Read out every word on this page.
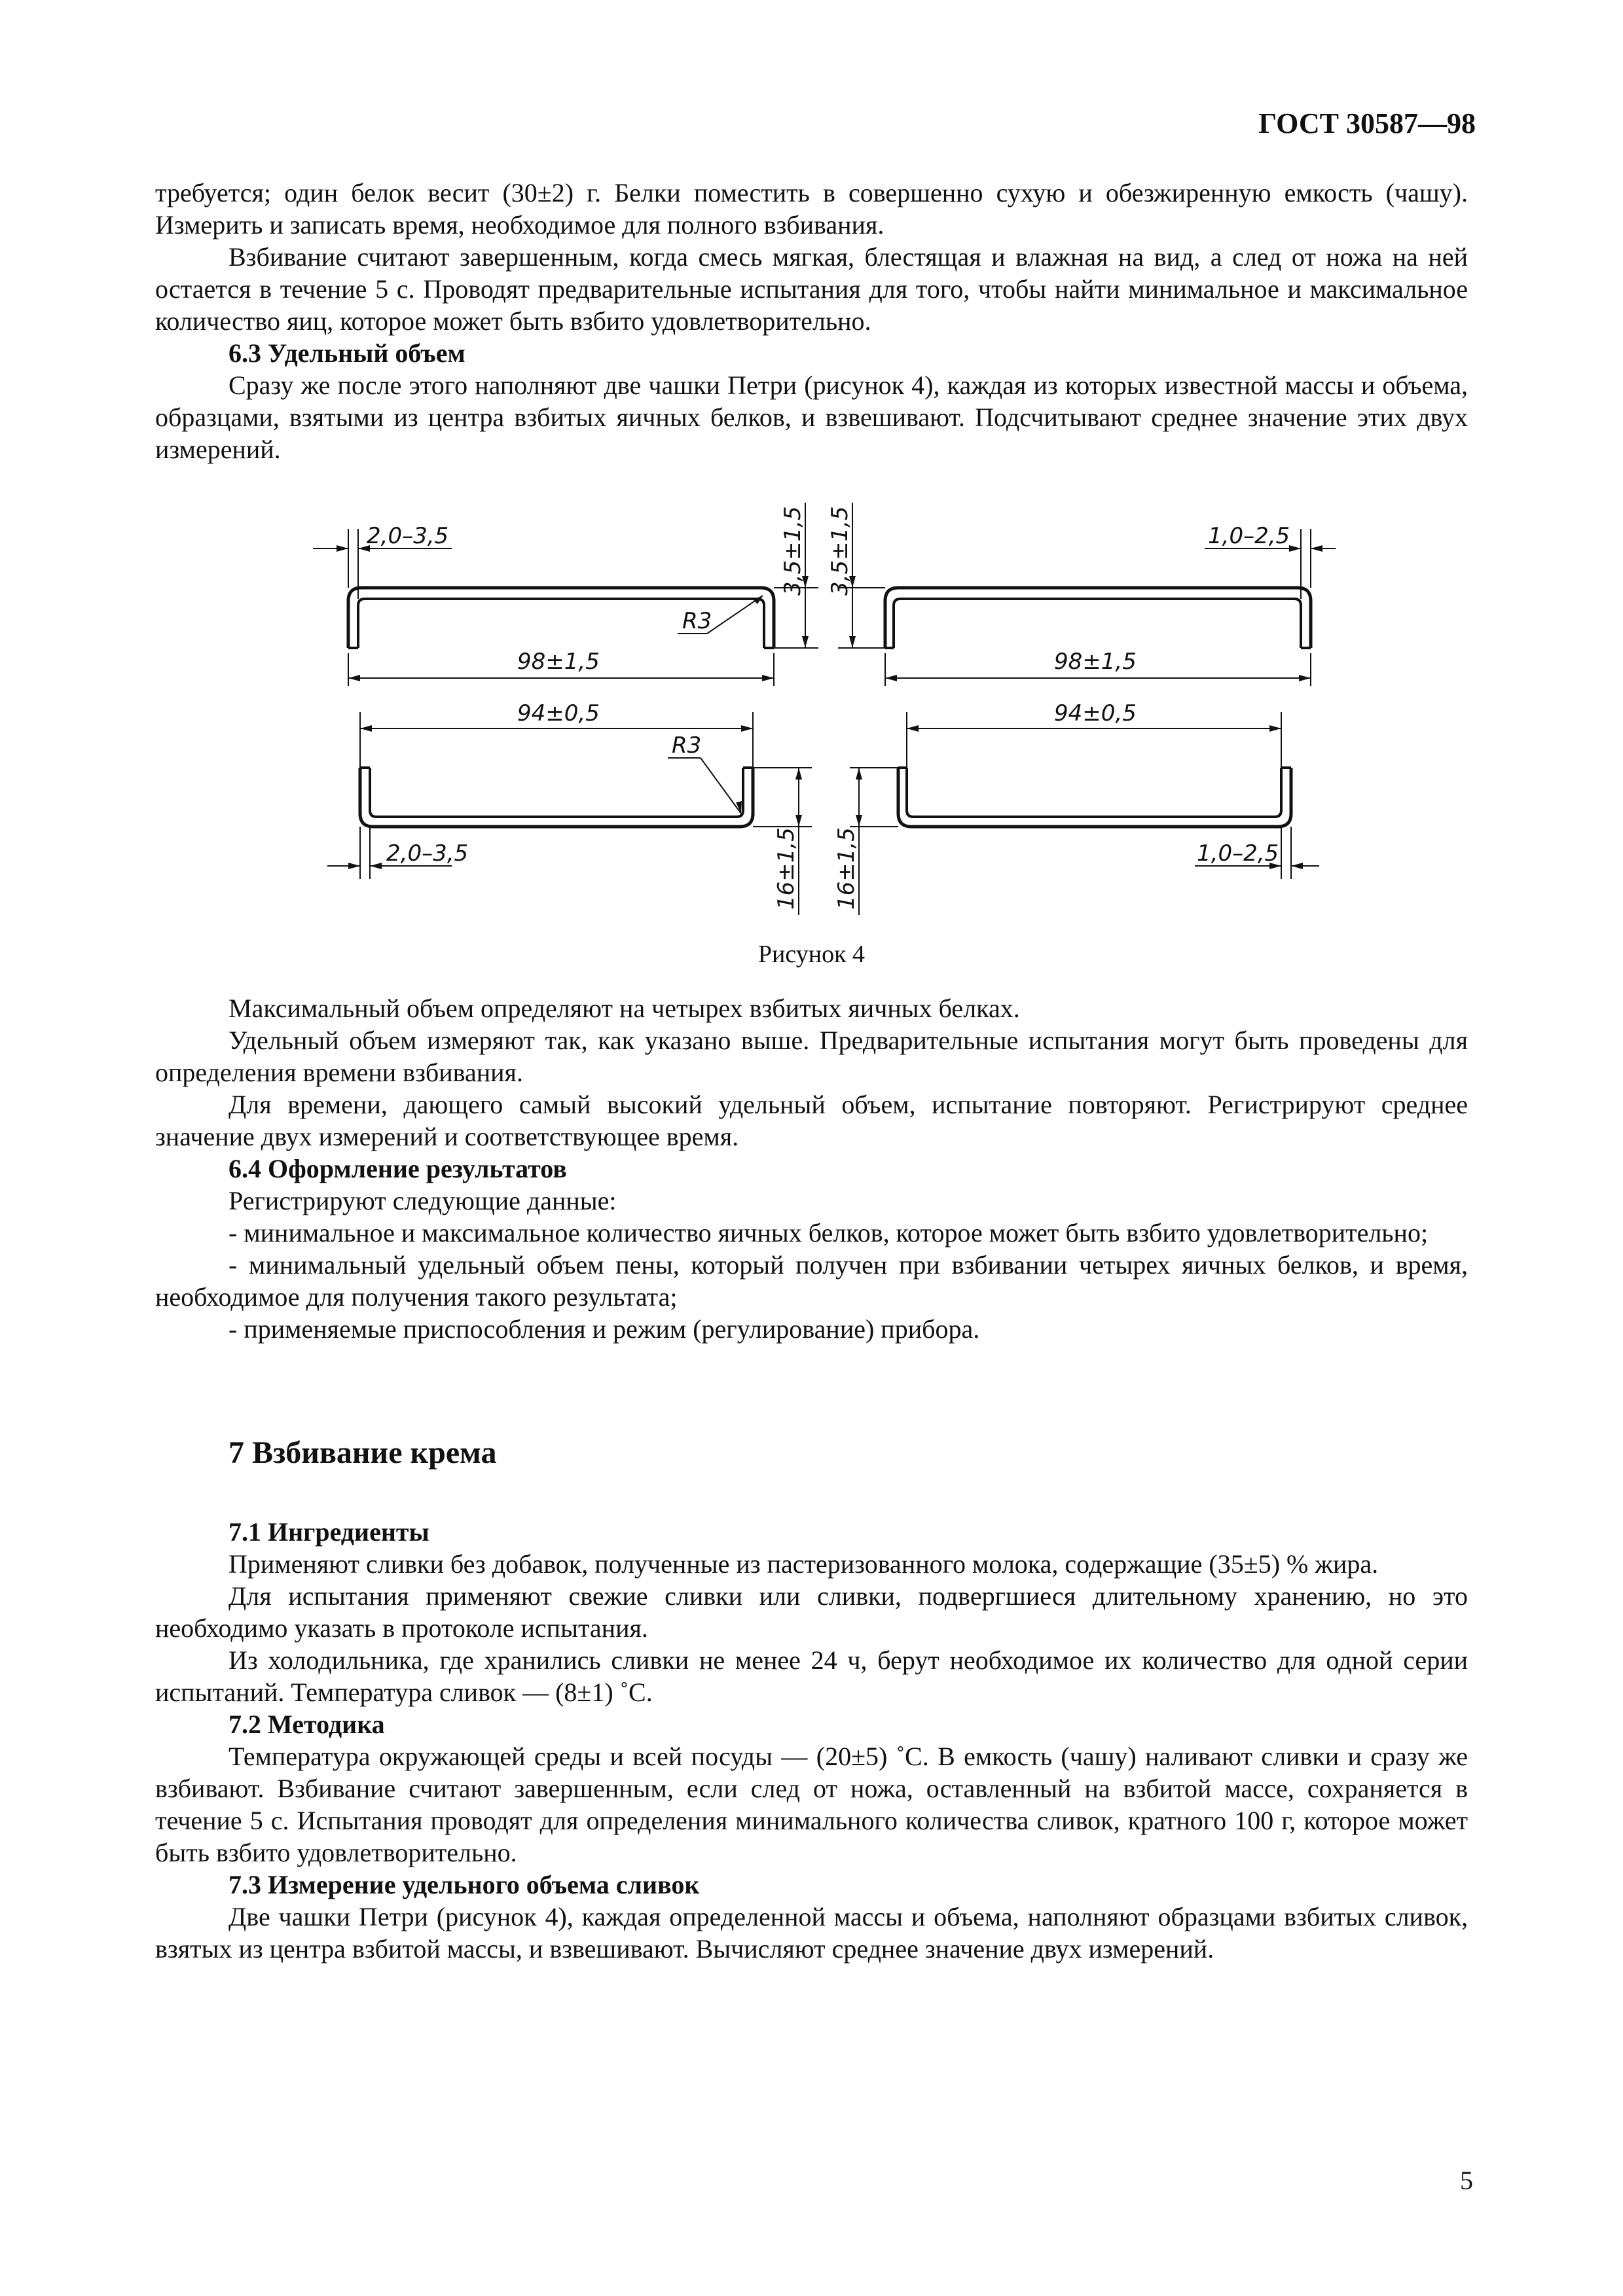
ГОСТ 30587—98

требуется; один белок весит (30±2) г. Белки поместить в совершенно сухую и обезжиренную емкость (чашу). Измерить и записать время, необходимое для полного взбивания.

Взбивание считают завершенным, когда смесь мягкая, блестящая и влажная на вид, а след от ножа на ней остается в течение 5 с. Проводят предварительные испытания для того, чтобы найти минимальное и максимальное количество яиц, которое может быть взбито удовлетворительно.

6.3 Удельный объем

Сразу же после этого наполняют две чашки Петри (рисунок 4), каждая из которых известной массы и объема, образцами, взятыми из центра взбитых яичных белков, и взвешивают. Подсчитывают среднее значение этих двух измерений.

2,0–3,5
98±1,5
R3
1,0–2,5
98±1,5
94±0,5
R3
2,0–3,5
94±0,5
1,0–2,5
3,5±1,5 3,5±1,5
16±1,5 16±1,5
Рисунок 4

Максимальный объем определяют на четырех взбитых яичных белках.

Удельный объем измеряют так, как указано выше. Предварительные испытания могут быть проведены для определения времени взбивания.

Для времени, дающего самый высокий удельный объем, испытание повторяют. Регистрируют среднее значение двух измерений и соответствующее время.

6.4 Оформление результатов

Регистрируют следующие данные:

- минимальное и максимальное количество яичных белков, которое может быть взбито удовлетворительно;

- минимальный удельный объем пены, который получен при взбивании четырех яичных белков, и время, необходимое для получения такого результата;

- применяемые приспособления и режим (регулирование) прибора.

7 Взбивание крема

7.1 Ингредиенты

Применяют сливки без добавок, полученные из пастеризованного молока, содержащие (35±5) % жира.

Для испытания применяют свежие сливки или сливки, подвергшиеся длительному хранению, но это необходимо указать в протоколе испытания.

Из холодильника, где хранились сливки не менее 24 ч, берут необходимое их количество для одной серии испытаний. Температура сливок — (8±1) ˚С.

7.2 Методика

Температура окружающей среды и всей посуды — (20±5) ˚С. В емкость (чашу) наливают сливки и сразу же взбивают. Взбивание считают завершенным, если след от ножа, оставленный на взбитой массе, сохраняется в течение 5 с. Испытания проводят для определения минимального количества сливок, кратного 100 г, которое может быть взбито удовлетворительно.

7.3 Измерение удельного объема сливок

Две чашки Петри (рисунок 4), каждая определенной массы и объема, наполняют образцами взбитых сливок, взятых из центра взбитой массы, и взвешивают. Вычисляют среднее значение двух измерений.

5
